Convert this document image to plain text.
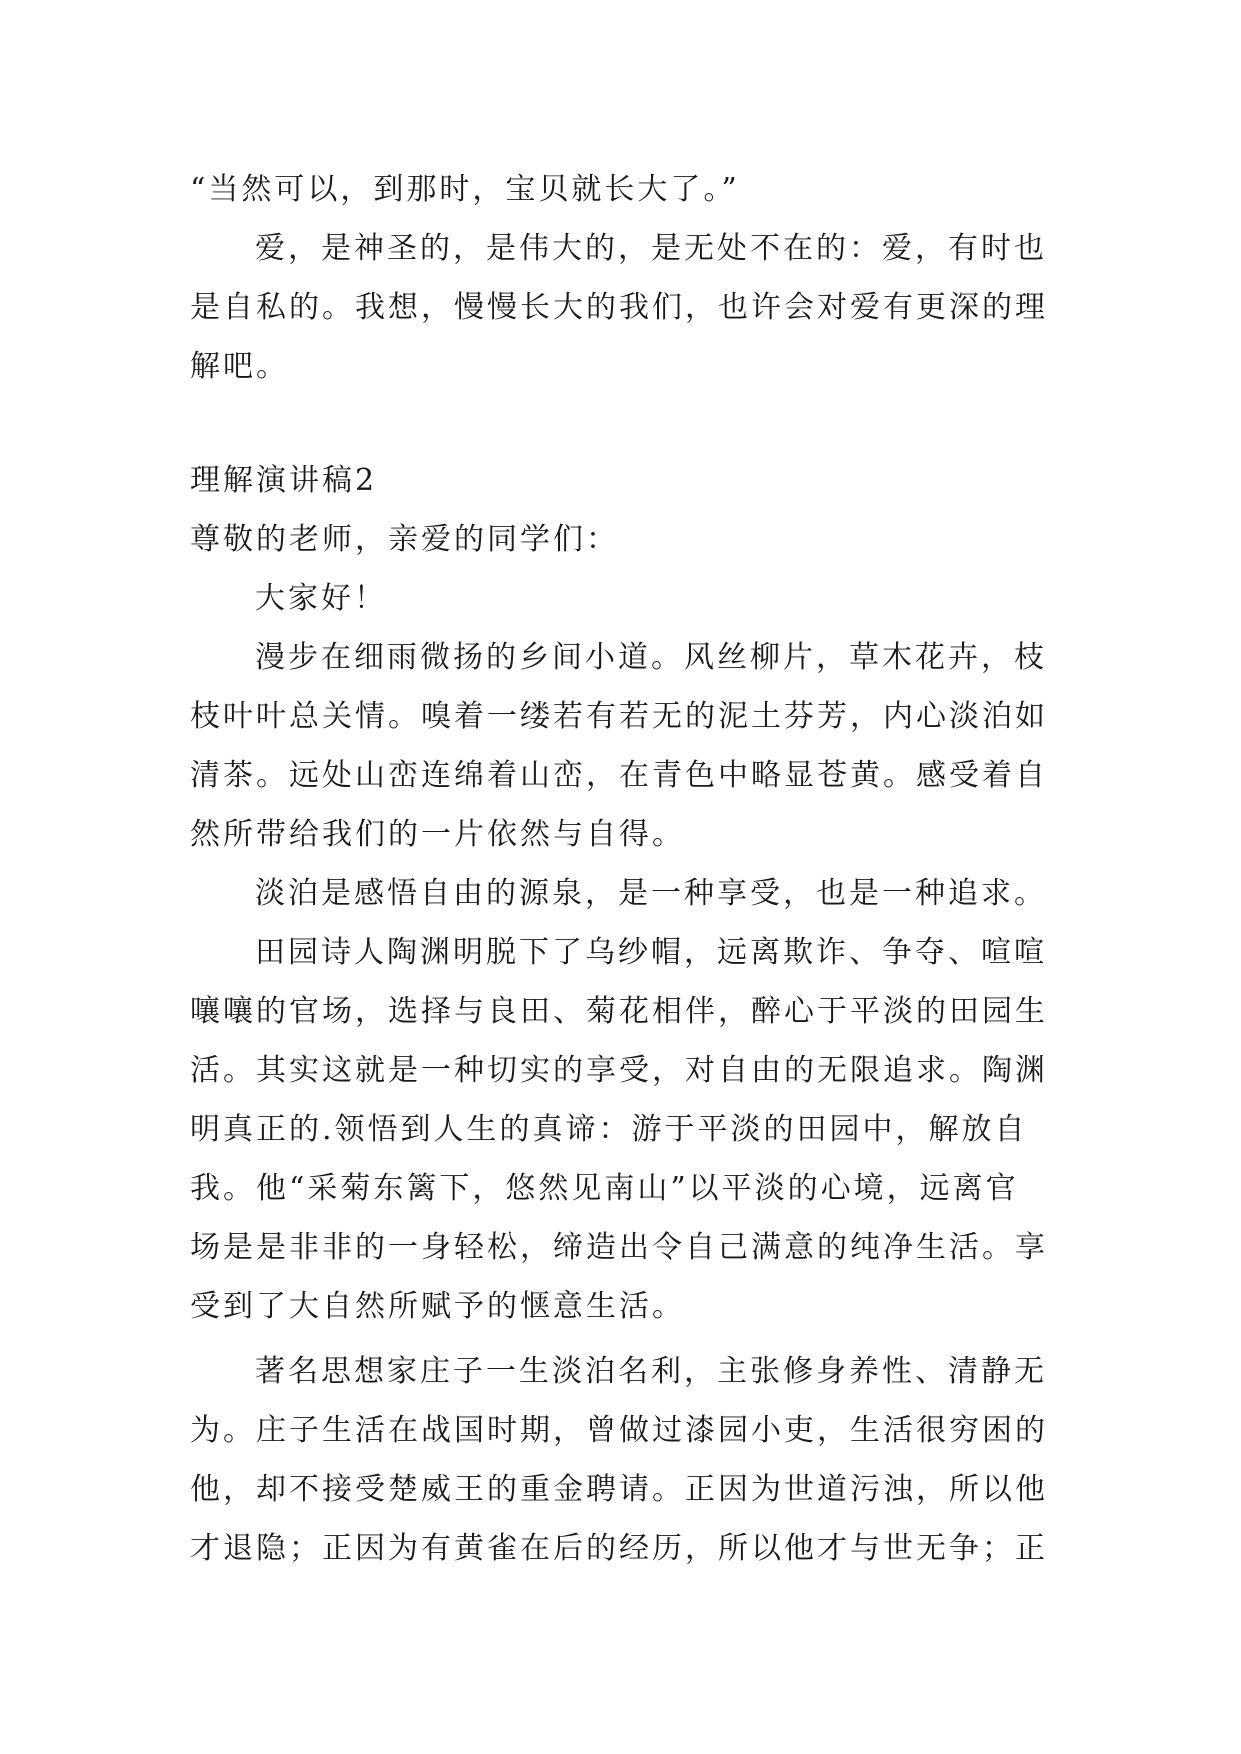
“当然可以，到那时，宝贝就长大了。”
爱，是神圣的，是伟大的，是无处不在的：爱，有时也
是自私的。我想，慢慢长大的我们，也许会对爱有更深的理
解吧。
理解演讲稿2
尊敬的老师，亲爱的同学们：
大家好！
漫步在细雨微扬的乡间小道。风丝柳片，草木花卉，枝
枝叶叶总关情。嗅着一缕若有若无的泥土芬芳，内心淡泊如
清茶。远处山峦连绵着山峦，在青色中略显苍黄。感受着自
然所带给我们的一片依然与自得。
淡泊是感悟自由的源泉，是一种享受，也是一种追求。
田园诗人陶渊明脱下了乌纱帽，远离欺诈、争夺、喧喧
嚷嚷的官场，选择与良田、菊花相伴，醉心于平淡的田园生
活。其实这就是一种切实的享受，对自由的无限追求。陶渊
明真正的.领悟到人生的真谛：游于平淡的田园中，解放自
我。他“采菊东篱下，悠然见南山”以平淡的心境，远离官
场是是非非的一身轻松，缔造出令自己满意的纯净生活。享
受到了大自然所赋予的惬意生活。
著名思想家庄子一生淡泊名利，主张修身养性、清静无
为。庄子生活在战国时期，曾做过漆园小吏，生活很穷困的
他，却不接受楚威王的重金聘请。正因为世道污浊，所以他
才退隐；正因为有黄雀在后的经历，所以他才与世无争；正
